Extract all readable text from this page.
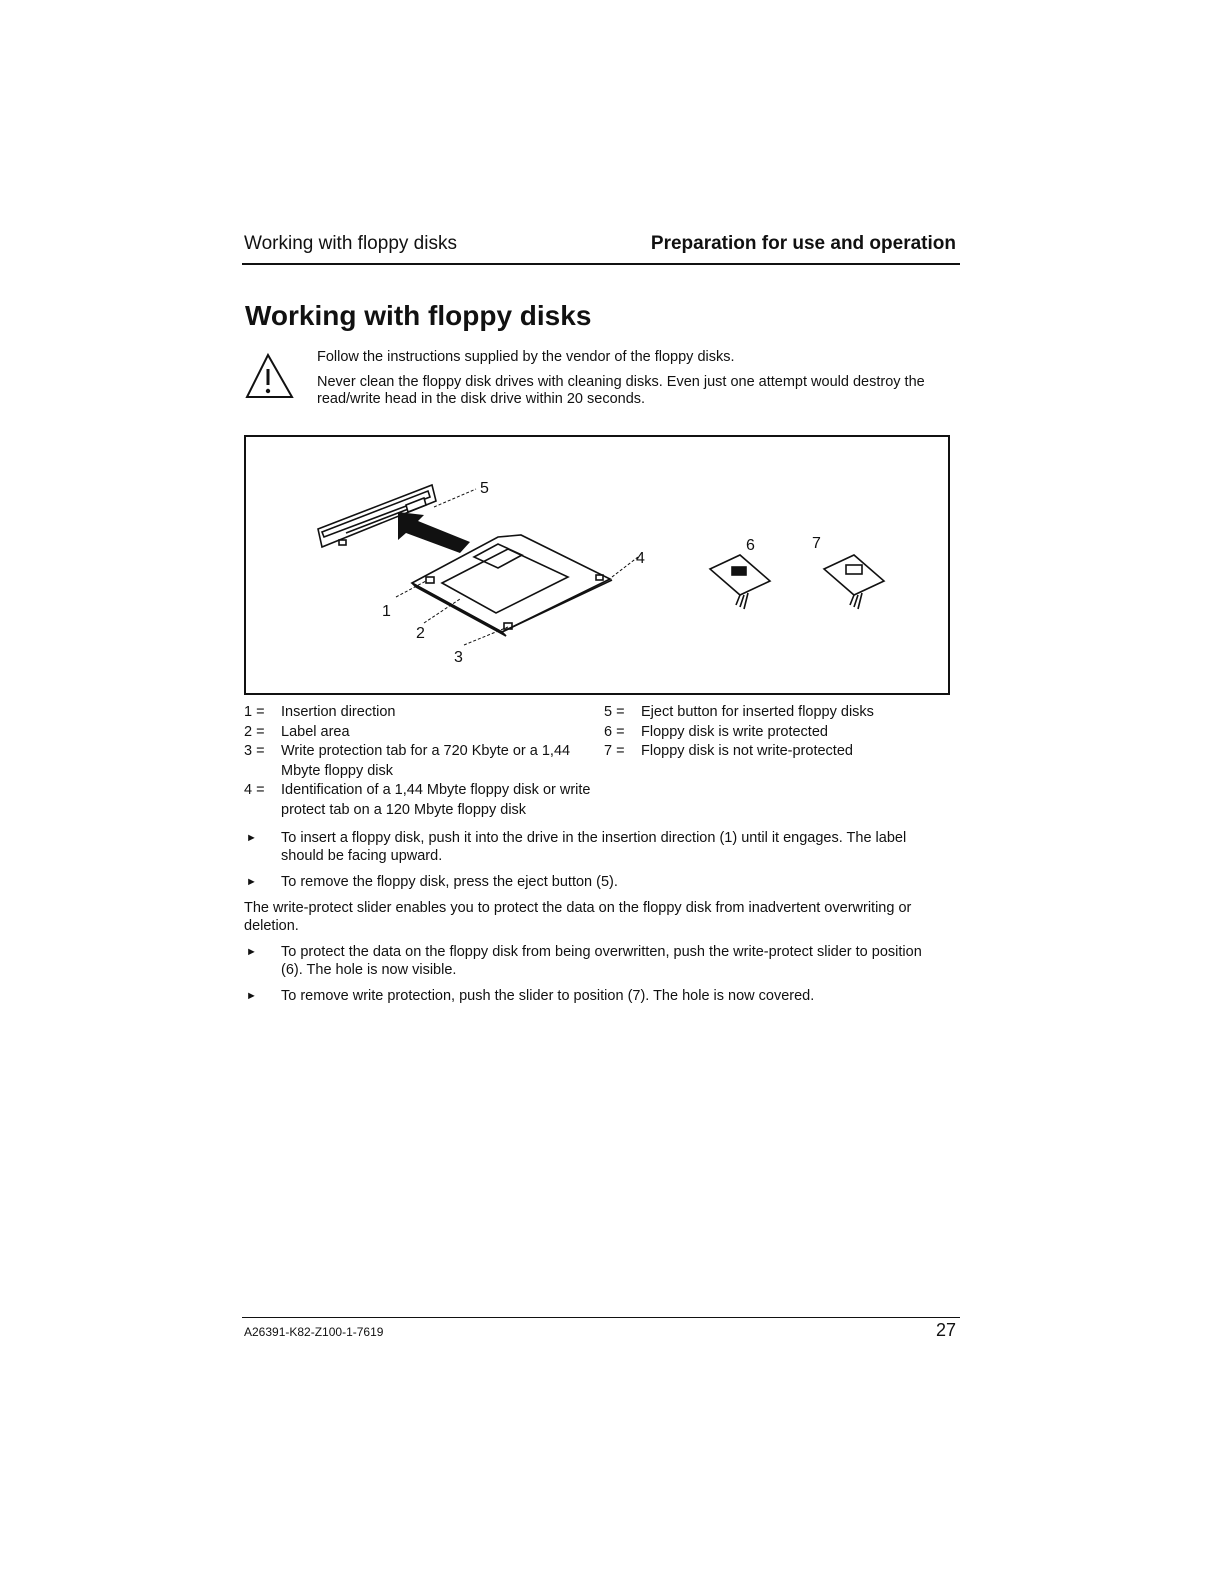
Working with floppy disks	Preparation for use and operation
Working with floppy disks

Follow the instructions supplied by the vendor of the floppy disks.

Never clean the floppy disk drives with cleaning disks. Even just one attempt would destroy the read/write head in the disk drive within 20 seconds.

1
2
3
4
5
6	7
1 = Insertion direction
2 = Label area
3 = Write protection tab for a 720 Kbyte or a 1,44 Mbyte floppy disk
4 = Identification of a 1,44 Mbyte floppy disk or write protect tab on a 120 Mbyte floppy disk
5 = Eject button for inserted floppy disks
6 = Floppy disk is write protected
7 = Floppy disk is not write-protected
► To insert a floppy disk, push it into the drive in the insertion direction (1) until it engages. The label should be facing upward.
► To remove the floppy disk, press the eject button (5).

The write-protect slider enables you to protect the data on the floppy disk from inadvertent overwriting or deletion.

► To protect the data on the floppy disk from being overwritten, push the write-protect slider to position (6). The hole is now visible.
► To remove write protection, push the slider to position (7). The hole is now covered.
A26391-K82-Z100-1-7619	27
